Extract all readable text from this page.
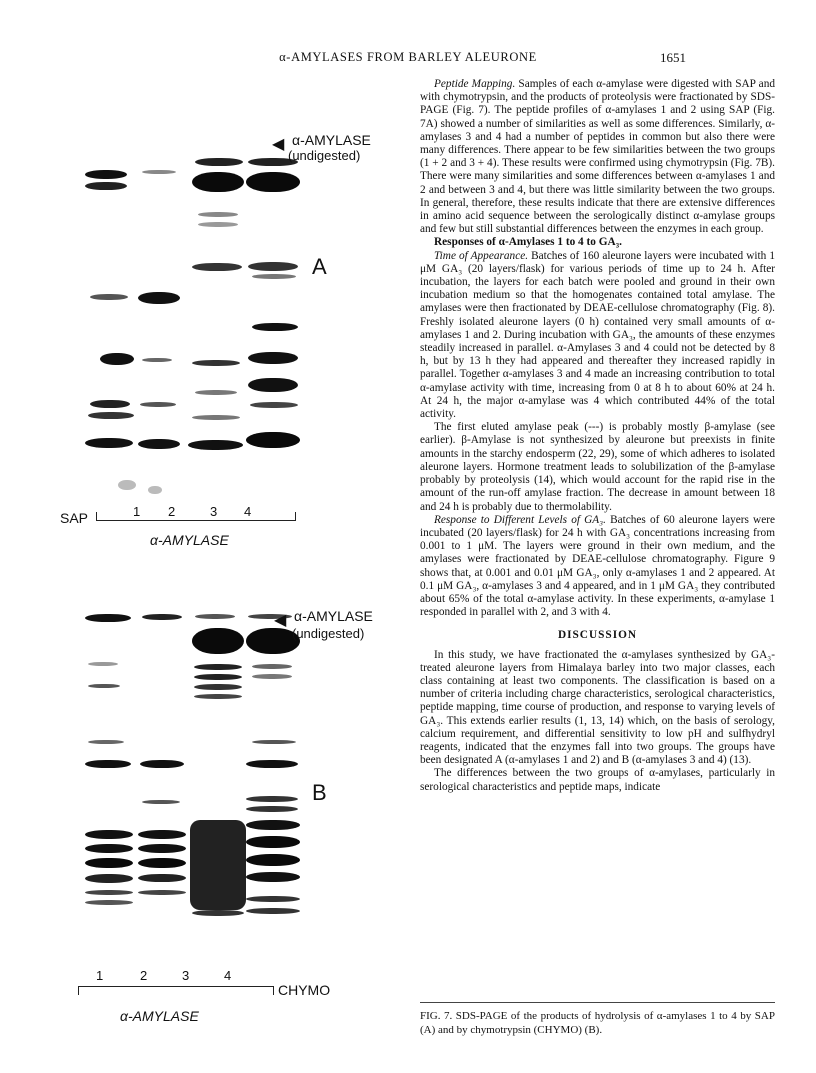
α-AMYLASES FROM BARLEY ALEURONE	1651
◀ α-AMYLASE
(undigested)
A
SAP	1 2	3 4
α-AMYLASE
◀ α-AMYLASE
(undigested)
B
1	2	3	4
CHYMO
α-AMYLASE

Peptide Mapping. Samples of each α-amylase were digested with SAP and with chymotrypsin, and the products of proteolysis were fractionated by SDS-PAGE (Fig. 7). The peptide profiles of α-amylases 1 and 2 using SAP (Fig. 7A) showed a number of similarities as well as some differences. Similarly, α-amylases 3 and 4 had a number of peptides in common but also there were many differences. There appear to be few similarities between the two groups (1 + 2 and 3 + 4). These results were confirmed using chymotrypsin (Fig. 7B). There were many similarities and some differences between α-amylases 1 and 2 and between 3 and 4, but there was little similarity between the two groups. In general, therefore, these results indicate that there are extensive differences in amino acid sequence between the serologically distinct α-amylase groups and few but still substantial differences between the enzymes in each group.

Responses of α-Amylases 1 to 4 to GA₃.

Time of Appearance. Batches of 160 aleurone layers were incubated with 1 μM GA₃ (20 layers/flask) for various periods of time up to 24 h. After incubation, the layers for each batch were pooled and ground in their own incubation medium so that the homogenates contained total amylase. The amylases were then fractionated by DEAE-cellulose chromatography (Fig. 8). Freshly isolated aleurone layers (0 h) contained very small amounts of α-amylases 1 and 2. During incubation with GA₃, the amounts of these enzymes steadily increased in parallel. α-Amylases 3 and 4 could not be detected by 8 h, but by 13 h they had appeared and thereafter they increased rapidly in parallel. Together α-amylases 3 and 4 made an increasing contribution to total α-amylase activity with time, increasing from 0 at 8 h to about 60% at 24 h. At 24 h, the major α-amylase was 4 which contributed 44% of the total activity.

The first eluted amylase peak (---) is probably mostly β-amylase (see earlier). β-Amylase is not synthesized by aleurone but preexists in finite amounts in the starchy endosperm (22, 29), some of which adheres to isolated aleurone layers. Hormone treatment leads to solubilization of the β-amylase probably by proteolysis (14), which would account for the rapid rise in the amount of the run-off amylase fraction. The decrease in amount between 18 and 24 h is probably due to thermolability.

Response to Different Levels of GA₃. Batches of 60 aleurone layers were incubated (20 layers/flask) for 24 h with GA₃ concentrations increasing from 0.001 to 1 μM. The layers were ground in their own medium, and the amylases were fractionated by DEAE-cellulose chromatography. Figure 9 shows that, at 0.001 and 0.01 μM GA₃, only α-amylases 1 and 2 appeared. At 0.1 μM GA₃, α-amylases 3 and 4 appeared, and in 1 μM GA₃ they contributed about 65% of the total α-amylase activity. In these experiments, α-amylase 1 responded in parallel with 2, and 3 with 4.

DISCUSSION

In this study, we have fractionated the α-amylases synthesized by GA₃-treated aleurone layers from Himalaya barley into two major classes, each class containing at least two components. The classification is based on a number of criteria including charge characteristics, serological characteristics, peptide mapping, time course of production, and response to varying levels of GA₃. This extends earlier results (1, 13, 14) which, on the basis of serology, calcium requirement, and differential sensitivity to low pH and sulfhydryl reagents, indicated that the enzymes fall into two groups. The groups have been designated A (α-amylases 1 and 2) and B (α-amylases 3 and 4) (13).

The differences between the two groups of α-amylases, particularly in serological characteristics and peptide maps, indicate

FIG. 7. SDS-PAGE of the products of hydrolysis of α-amylases 1 to 4 by SAP (A) and by chymotrypsin (CHYMO) (B).
